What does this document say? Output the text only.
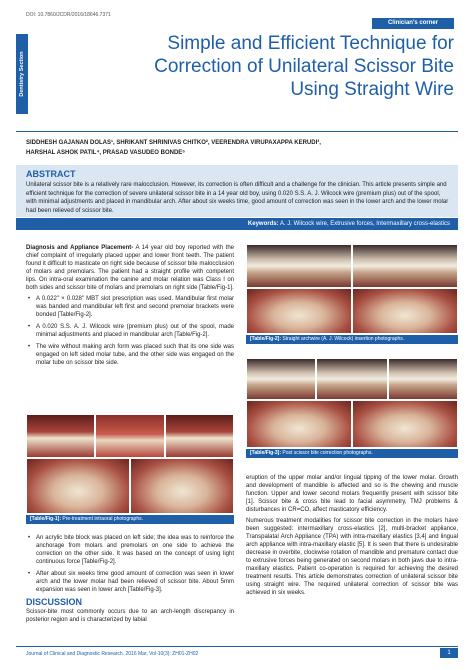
DOI: 10.7860/JCDR/2016/18646.7371
Clinician's corner
Dentistry Section
Simple and Efficient Technique for
Correction of Unilateral Scissor Bite
Using Straight Wire
SIDDHESH GAJANAN DOLAS¹, SHRIKANT SHRINIVAS CHITKO², VEERENDRA VIRUPAXAPPA KERUDI³,
HARSHAL ASHOK PATIL⁴, PRASAD VASUDEO BONDE⁵
ABSTRACT
Unilateral scissor bite is a relatively rare malocclusion. However, its correction is often difficult and a challenge for the clinician. This article presents simple and efficient technique for the correction of severe unilateral scissor bite in a 14 year old boy, using 0.020 S.S. A. J. Wilcock wire (premium plus) out of the spool, with minimal adjustments and placed in mandibular arch. After about six weeks time, good amount of correction was seen in the lower arch and the lower molar had been relieved of scissor bite.
Keywords: A. J. Wilcock wire, Extrusive forces, Intermaxillary cross-elastics

Diagnosis and Appliance Placement- A 14 year old boy reported with the chief complaint of irregularly placed upper and lower front teeth. The patient found it difficult to masticate on right side because of scissor bite malocclusion of molars and premolars. The patient had a straight profile with competent lips. On intra-oral examination the canine and molar relation was Class I on both sides and scissor bite of molars and premolars on right side [Table/Fig-1].

• A 0.022" × 0.028" MBT slot prescription was used. Mandibular first molar was banded and mandibular left first and second premolar brackets were bonded [Table/Fig-2].
• A 0.020 S.S. A. J. Wilcock wire (premium plus) out of the spool, made minimal adjustments and placed in mandibular arch [Table/Fig-2].
• The wire without making arch form was placed such that its one side was engaged on left sided molar tube, and the other side was engaged on the molar tube on scissor bite side.
[Table/Fig-1]: Pre-treatment intraoral photographs.
• An acrylic bite block was placed on left side; the idea was to reinforce the anchorage from molars and premolars on one side to achieve the correction on the other side. It was based on the concept of using light continuous force [Table/Fig-2].
• After about six weeks time good amount of correction was seen in lower arch and the lower molar had been relieved of scissor bite. About 5mm expansion was seen in lower arch [Table/Fig-3].
DISCUSSION

Scissor-bite most commonly occurs due to an arch-length discrepancy in posterior region and is characterized by labial

[Table/Fig-2]: Straight archwire (A. J. Wilcock) insertion photographs.
[Table/Fig-3]: Post scissor bite correction photographs.

eruption of the upper molar and/or lingual tipping of the lower molar. Growth and development of mandible is affected and so is the chewing and muscle function. Upper and lower second molars frequently present with scissor bite [1]. Scissor bite & cross bite lead to facial asymmetry, TMJ problems & disturbances in CR=CO, affect masticatory efficiency.

Numerous treatment modalities for scissor bite correction in the molars have been suggested: intermaxillary cross-elastics [2], multi-bracket appliance, Transpalatal Arch Appliance (TPA) with intra-maxillary elastics [3,4] and lingual arch appliance with intra-maxillary elastic [5]. It is seen that there is undesirable decrease in overbite, clockwise rotation of mandible and premature contact due to extrusive forces being generated on second molars in both jaws due to intra-maxillary elastics. Patient co-operation is required for achieving the desired treatment results. This article demonstrates correction of unilateral scissor bite using straight wire. The required unilateral correction of scissor bite was achieved in six weeks.

Journal of Clinical and Diagnostic Research. 2016 Mar, Vol-10(3): ZH01-ZH02	1
